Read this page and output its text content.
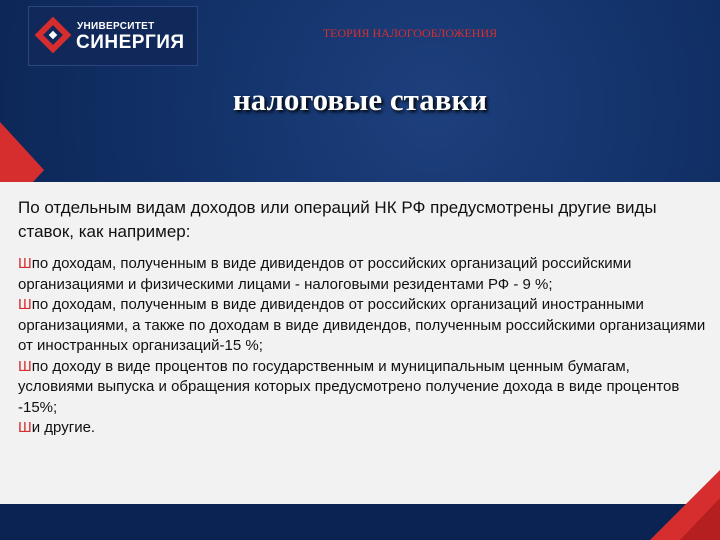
УНИВЕРСИТЕТ
СИНЕРГИЯ	ТЕОРИЯ НАЛОГООБЛОЖЕНИЯ
налоговые ставки
По отдельным видам доходов или операций НК РФ предусмотрены другие виды ставок, как например:

Шпо доходам, полученным в виде дивидендов от российских организаций российскими организациями и физическими лицами - налоговыми резидентами РФ - 9 %;

Шпо доходам, полученным в виде дивидендов от российских организаций иностранными организациями, а также по доходам в виде дивидендов, полученным российскими организациями от иностранных организаций-15 %;

Шпо доходу в виде процентов по государственным и муниципальным ценным бумагам, условиями выпуска и обращения которых предусмотрено получение дохода в виде процентов -15%;

Ши другие.
